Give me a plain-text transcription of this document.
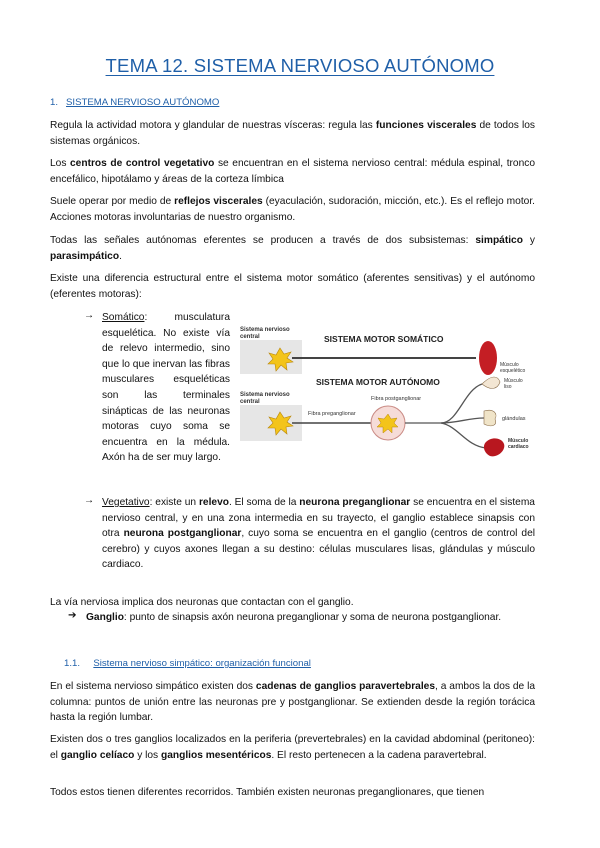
TEMA 12. SISTEMA NERVIOSO AUTÓNOMO
1. SISTEMA NERVIOSO AUTÓNOMO

Regula la actividad motora y glandular de nuestras vísceras: regula las funciones viscerales de todos los sistemas orgánicos.

Los centros de control vegetativo se encuentran en el sistema nervioso central: médula espinal, tronco encefálico, hipotálamo y áreas de la corteza límbica

Suele operar por medio de reflejos viscerales (eyaculación, sudoración, micción, etc.). Es el reflejo motor. Acciones motoras involuntarias de nuestro organismo.

Todas las señales autónomas eferentes se producen a través de dos subsistemas: simpático y parasimpático.

Existe una diferencia estructural entre el sistema motor somático (aferentes sensitivas) y el autónomo (eferentes motoras):

→ Somático: musculatura esquelética. No existe vía de relevo intermedio, sino que lo que inervan las fibras musculares esqueléticas son las terminales sinápticas de las neuronas motoras cuyo soma se encuentra en la médula. Axón ha de ser muy largo.
Sistema nervioso
central	SISTEMA MOTOR SOMÁTICO
Músculo
esquelético
SISTEMA MOTOR AUTÓNOMO
Sistema nervioso
central
Fibra preganglionar
Fibra postganglionar
Músculo
liso
glándulas
Músculo
cardiaco
→ Vegetativo: existe un relevo. El soma de la neurona preganglionar se encuentra en el sistema nervioso central, y en una zona intermedia en su trayecto, el ganglio establece sinapsis con otra neurona postganglionar, cuyo soma se encuentra en el ganglio (centros de control del cerebro) y cuyos axones llegan a su destino: células musculares lisas, glándulas y músculo cardiaco.

La vía nerviosa implica dos neuronas que contactan con el ganglio.

➔ Ganglio: punto de sinapsis axón neurona preganglionar y soma de neurona postganglionar.

1.1. Sistema nervioso simpático: organización funcional

En el sistema nervioso simpático existen dos cadenas de ganglios paravertebrales, a ambos la dos de la columna: puntos de unión entre las neuronas pre y postganglionar. Se extienden desde la región torácica hasta la región lumbar.

Existen dos o tres ganglios localizados en la periferia (prevertebrales) en la cavidad abdominal (peritoneo): el ganglio celíaco y los ganglios mesentéricos. El resto pertenecen a la cadena paravertebral.

Todos estos tienen diferentes recorridos. También existen neuronas preganglionares, que tienen
